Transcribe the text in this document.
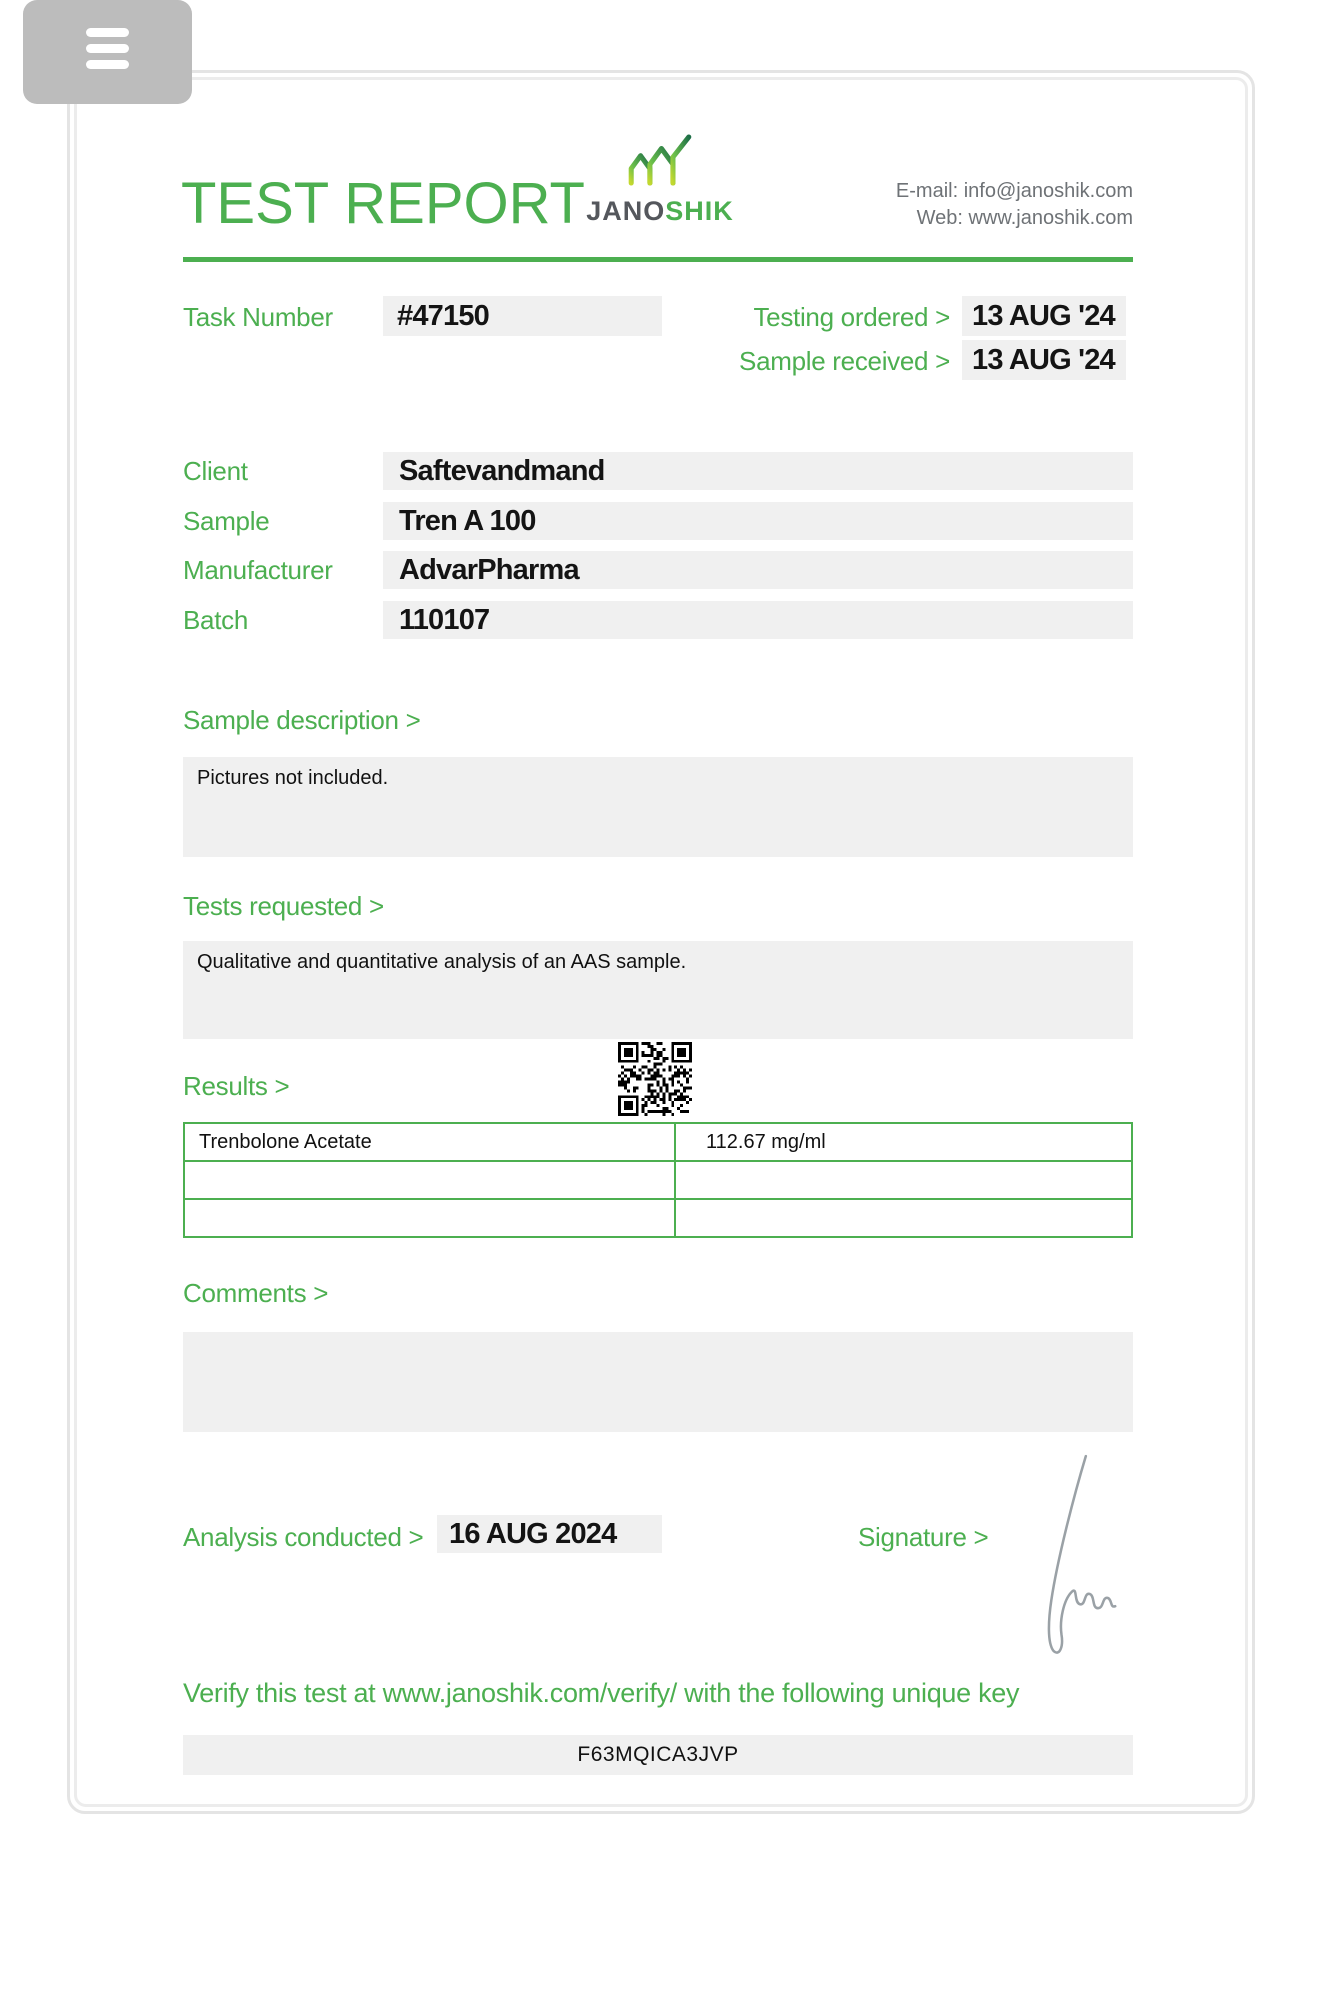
TEST REPORT JANOSHIK
E-mail: info@janoshik.com
Web: www.janoshik.com
Task Number	#47150	Testing ordered > 13 AUG '24
Sample received > 13 AUG '24
Client	Saftevandmand
Sample	Tren A 100
Manufacturer	AdvarPharma
Batch	110107
Sample description >
Pictures not included.
Tests requested >
Qualitative and quantitative analysis of an AAS sample.
Results >
Trenbolone Acetate	112.67 mg/ml

Comments >
Analysis conducted > 16 AUG 2024	Signature >
Verify this test at www.janoshik.com/verify/ with the following unique key
F63MQICA3JVP
